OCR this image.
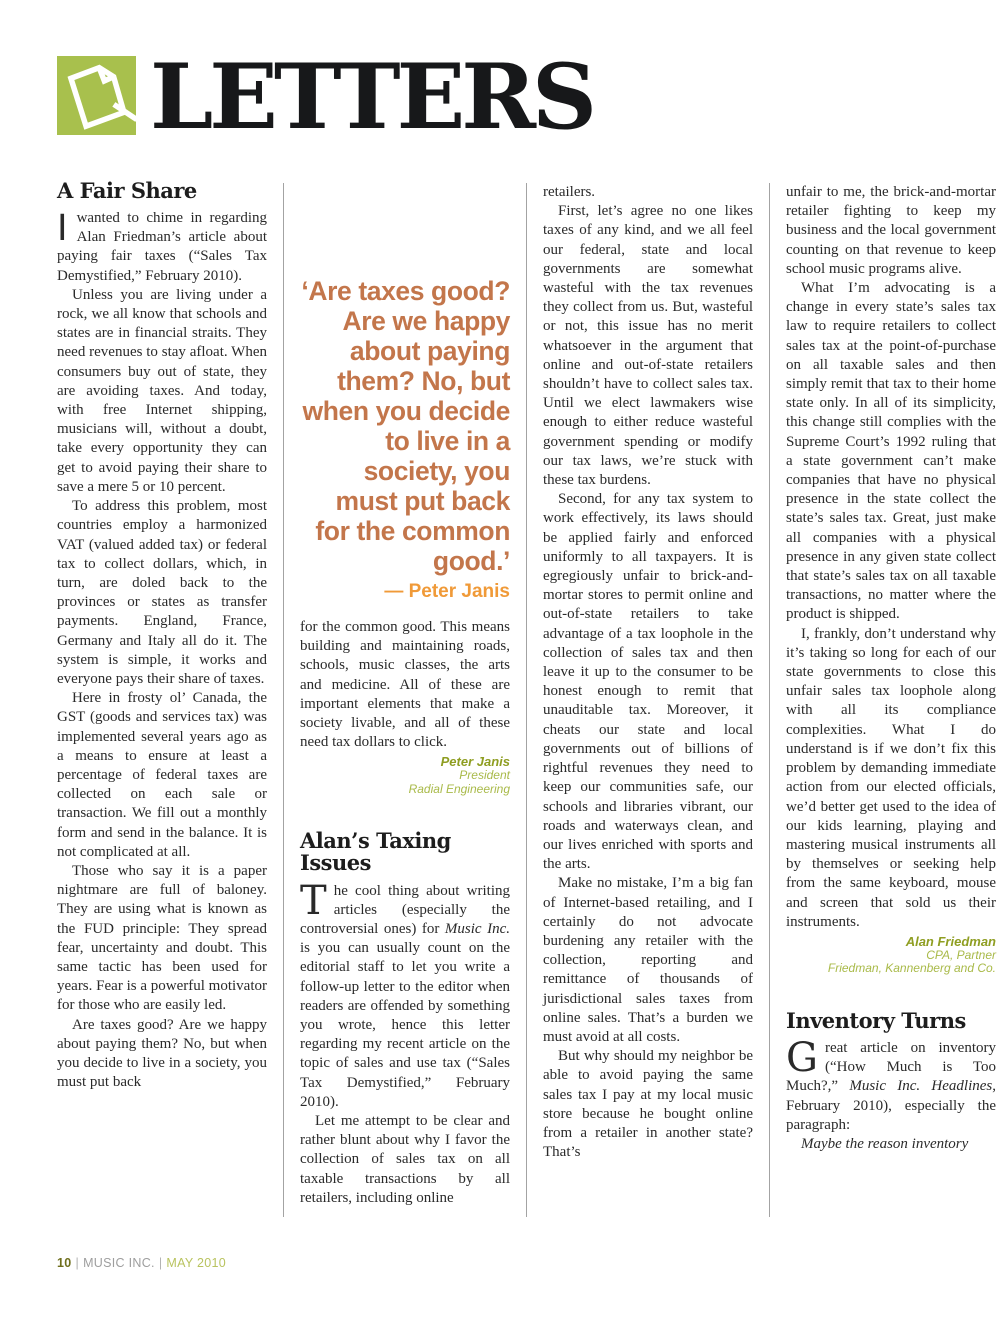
LETTERS
A Fair Share

Iwanted to chime in regarding Alan Friedman’s article about paying fair taxes (“Sales Tax Demystified,” February 2010).

Unless you are living under a rock, we all know that schools and states are in financial straits. They need revenues to stay afloat. When consumers buy out of state, they are avoiding taxes. And today, with free Internet shipping, musicians will, without a doubt, take every opportunity they can get to avoid paying their share to save a mere 5 or 10 percent.

To address this problem, most countries employ a harmonized VAT (valued added tax) or federal tax to collect dollars, which, in turn, are doled back to the provinces or states as transfer payments. England, France, Germany and Italy all do it. The system is simple, it works and everyone pays their share of taxes.

Here in frosty ol’ Canada, the GST (goods and services tax) was implemented several years ago as a means to ensure at least a percentage of federal taxes are collected on each sale or transaction. We fill out a monthly form and send in the balance. It is not complicated at all.

Those who say it is a paper nightmare are full of baloney. They are using what is known as the FUD principle: They spread fear, uncertainty and doubt. This same tactic has been used for years. Fear is a powerful motivator for those who are easily led.

Are taxes good? Are we happy about paying them? No, but when you decide to live in a society, you must put back

‘Are taxes good? Are we happy about paying them? No, but when you decide to live in a society, you must put back for the common good.’
— Peter Janis

for the common good. This means building and maintaining roads, schools, music classes, the arts and medicine. All of these are important elements that make a society livable, and all of these need tax dollars to click.

Peter Janis
President
Radial Engineering
Alan’s Taxing Issues

The cool thing about writing articles (especially the controversial ones) for Music Inc. is you can usually count on the editorial staff to let you write a follow-up letter to the editor when readers are offended by something you wrote, hence this letter regarding my recent article on the topic of sales and use tax (“Sales Tax Demystified,” February 2010).

Let me attempt to be clear and rather blunt about why I favor the collection of sales tax on all taxable transactions by all retailers, including online

retailers.

First, let’s agree no one likes taxes of any kind, and we all feel our federal, state and local governments are somewhat wasteful with the tax revenues they collect from us. But, wasteful or not, this issue has no merit whatsoever in the argument that online and out-of-state retailers shouldn’t have to collect sales tax. Until we elect lawmakers wise enough to either reduce wasteful government spending or modify our tax laws, we’re stuck with these tax burdens.

Second, for any tax system to work effectively, its laws should be applied fairly and enforced uniformly to all taxpayers. It is egregiously unfair to brick-and-mortar stores to permit online and out-of-state retailers to take advantage of a tax loophole in the collection of sales tax and then leave it up to the consumer to be honest enough to remit that unauditable tax. Moreover, it cheats our state and local governments out of billions of rightful revenues they need to keep our communities safe, our schools and libraries vibrant, our roads and waterways clean, and our lives enriched with sports and the arts.

Make no mistake, I’m a big fan of Internet-based retailing, and I certainly do not advocate burdening any retailer with the collection, reporting and remittance of thousands of jurisdictional sales taxes from online sales. That’s a burden we must avoid at all costs.

But why should my neighbor be able to avoid paying the same sales tax I pay at my local music store because he bought online from a retailer in another state? That’s

unfair to me, the brick-and-mortar retailer fighting to keep my business and the local government counting on that revenue to keep school music programs alive.

What I’m advocating is a change in every state’s sales tax law to require retailers to collect sales tax at the point-of-purchase on all taxable sales and then simply remit that tax to their home state only. In all of its simplicity, this change still complies with the Supreme Court’s 1992 ruling that a state government can’t make companies that have no physical presence in the state collect the state’s sales tax. Great, just make all companies with a physical presence in any given state collect that state’s sales tax on all taxable transactions, no matter where the product is shipped.

I, frankly, don’t understand why it’s taking so long for each of our state governments to close this unfair sales tax loophole along with all its compliance complexities. What I do understand is if we don’t fix this problem by demanding immediate action from our elected officials, we’d better get used to the idea of our kids learning, playing and mastering musical instruments all by themselves or seeking help from the same keyboard, mouse and screen that sold us their instruments.

Alan Friedman
CPA, Partner
Friedman, Kannenberg and Co.
Inventory Turns

Great article on inventory (“How Much is Too Much?,” Music Inc. Headlines, February 2010), especially the paragraph:

Maybe the reason inventory

10 | MUSIC INC. | MAY 2010
